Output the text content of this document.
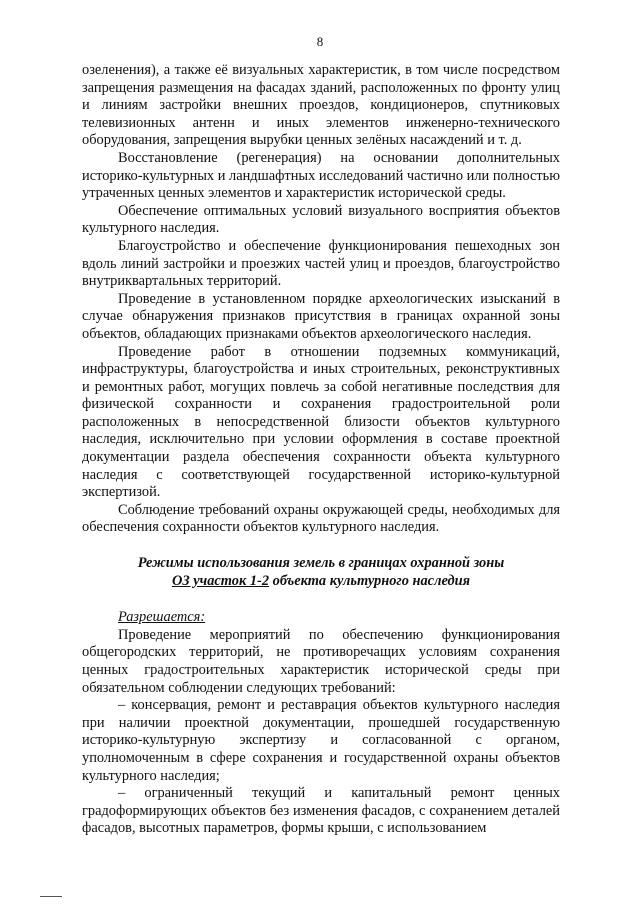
8

озеленения), а также её визуальных характеристик, в том числе посредством запрещения размещения на фасадах зданий, расположенных по фронту улиц и линиям застройки внешних проездов, кондиционеров, спутниковых телевизионных антенн и иных элементов инженерно-технического оборудования, запрещения вырубки ценных зелёных насаждений и т. д.

Восстановление (регенерация) на основании дополнительных историко-культурных и ландшафтных исследований частично или полностью утраченных ценных элементов и характеристик исторической среды.

Обеспечение оптимальных условий визуального восприятия объектов культурного наследия.

Благоустройство и обеспечение функционирования пешеходных зон вдоль линий застройки и проезжих частей улиц и проездов, благоустройство внутриквартальных территорий.

Проведение в установленном порядке археологических изысканий в случае обнаружения признаков присутствия в границах охранной зоны объектов, обладающих признаками объектов археологического наследия.

Проведение работ в отношении подземных коммуникаций, инфраструктуры, благоустройства и иных строительных, реконструктивных и ремонтных работ, могущих повлечь за собой негативные последствия для физической сохранности и сохранения градостроительной роли расположенных в непосредственной близости объектов культурного наследия, исключительно при условии оформления в составе проектной документации раздела обеспечения сохранности объекта культурного наследия с соответствующей государственной историко-культурной экспертизой.

Соблюдение требований охраны окружающей среды, необходимых для обеспечения сохранности объектов культурного наследия.

Режимы использования земель в границах охранной зоны

ОЗ участок 1-2 объекта культурного наследия

Разрешается:

Проведение мероприятий по обеспечению функционирования общегородских территорий, не противоречащих условиям сохранения ценных градостроительных характеристик исторической среды при обязательном соблюдении следующих требований:

– консервация, ремонт и реставрация объектов культурного наследия при наличии проектной документации, прошедшей государственную историко-культурную экспертизу и согласованной с органом, уполномоченным в сфере сохранения и государственной охраны объектов культурного наследия;

– ограниченный текущий и капитальный ремонт ценных градоформирующих объектов без изменения фасадов, с сохранением деталей фасадов, высотных параметров, формы крыши, с использованием
